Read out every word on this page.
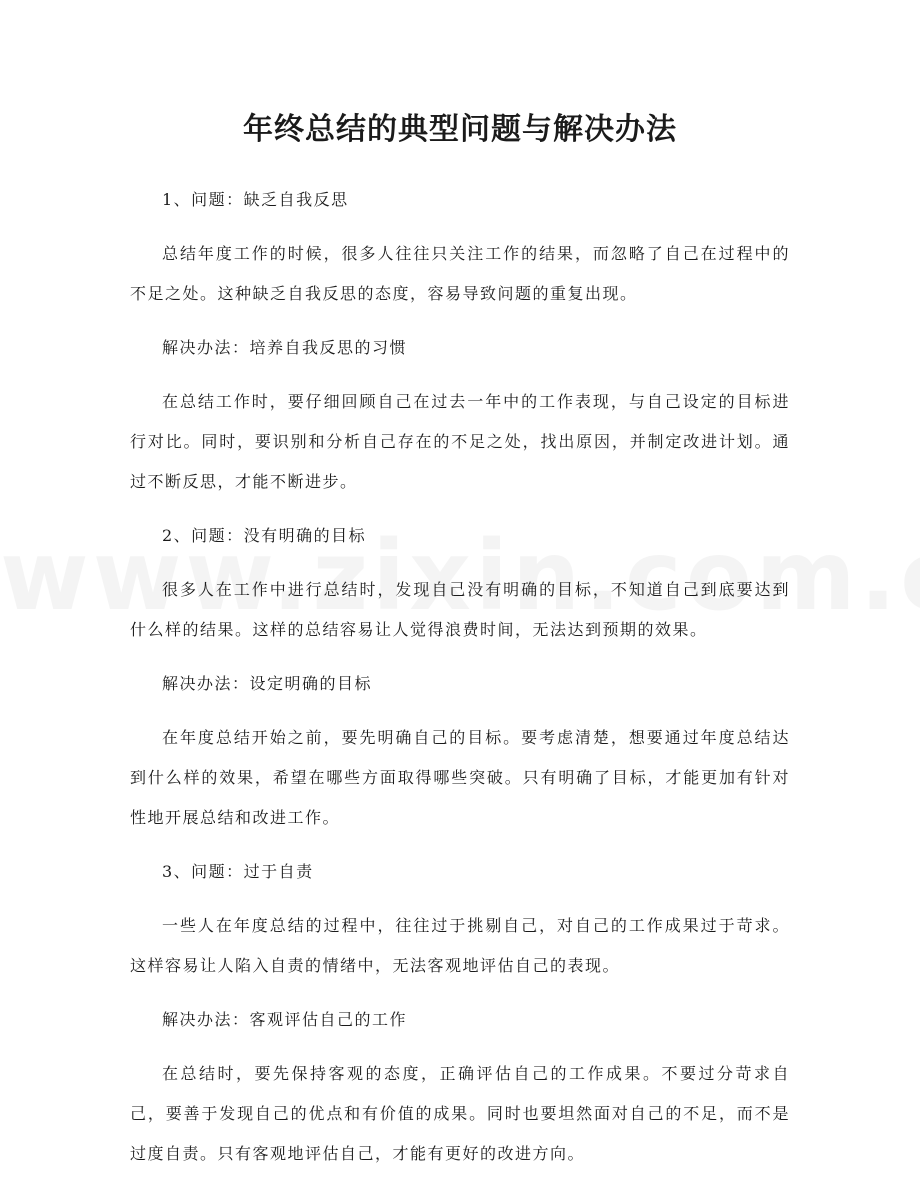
年终总结的典型问题与解决办法

1、问题：缺乏自我反思

总结年度工作的时候，很多人往往只关注工作的结果，而忽略了自己在过程中的不足之处。这种缺乏自我反思的态度，容易导致问题的重复出现。

解决办法：培养自我反思的习惯

在总结工作时，要仔细回顾自己在过去一年中的工作表现，与自己设定的目标进行对比。同时，要识别和分析自己存在的不足之处，找出原因，并制定改进计划。通过不断反思，才能不断进步。

2、问题：没有明确的目标

很多人在工作中进行总结时，发现自己没有明确的目标，不知道自己到底要达到什么样的结果。这样的总结容易让人觉得浪费时间，无法达到预期的效果。

解决办法：设定明确的目标

在年度总结开始之前，要先明确自己的目标。要考虑清楚，想要通过年度总结达到什么样的效果，希望在哪些方面取得哪些突破。只有明确了目标，才能更加有针对性地开展总结和改进工作。

3、问题：过于自责

一些人在年度总结的过程中，往往过于挑剔自己，对自己的工作成果过于苛求。这样容易让人陷入自责的情绪中，无法客观地评估自己的表现。

解决办法：客观评估自己的工作

在总结时，要先保持客观的态度，正确评估自己的工作成果。不要过分苛求自己，要善于发现自己的优点和有价值的成果。同时也要坦然面对自己的不足，而不是过度自责。只有客观地评估自己，才能有更好的改进方向。
